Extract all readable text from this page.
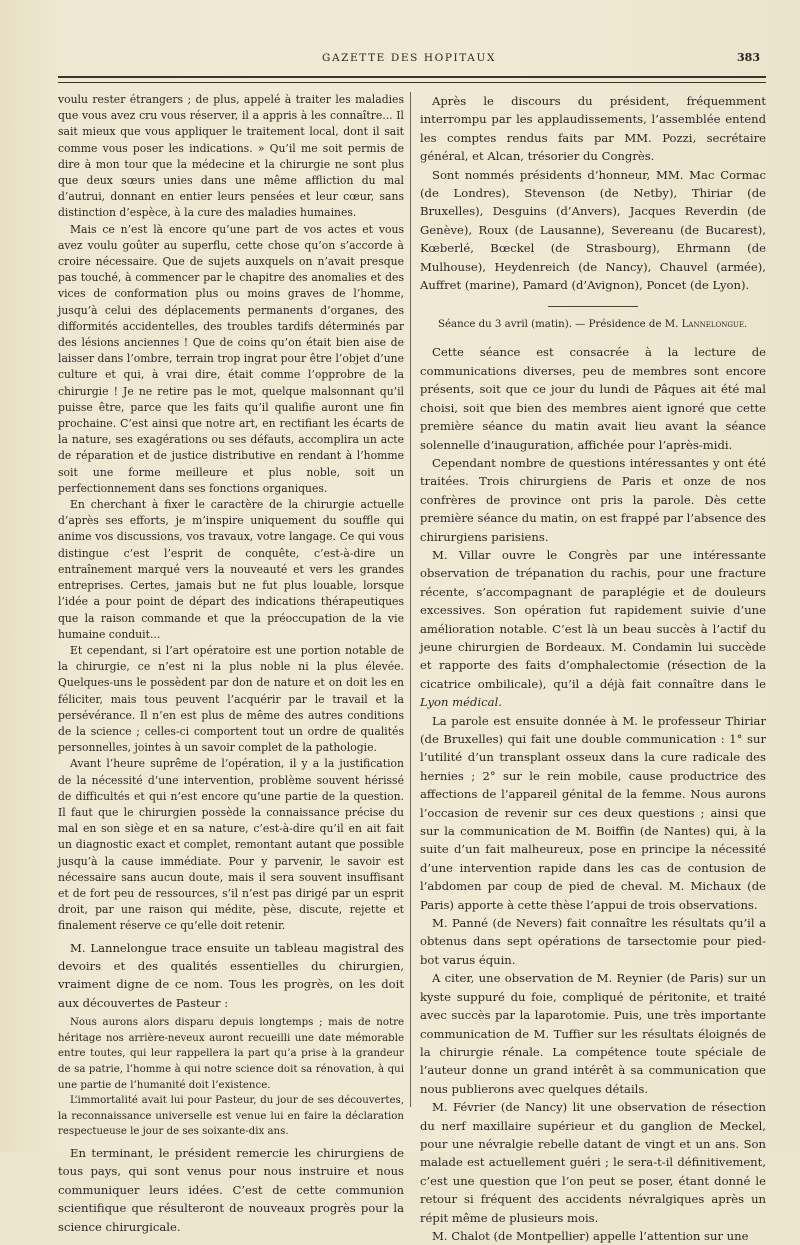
GAZETTE DES HOPITAUX	383

voulu rester étrangers ; de plus, appelé à traiter les maladies que vous avez cru vous réserver, il a appris à les connaître... Il sait mieux que vous appliquer le traitement local, dont il sait comme vous poser les indications. » Qu’il me soit permis de dire à mon tour que la médecine et la chirurgie ne sont plus que deux sœurs unies dans une même affliction du mal d’autrui, donnant en entier leurs pensées et leur cœur, sans distinction d’espèce, à la cure des maladies humaines.

Mais ce n’est là encore qu’une part de vos actes et vous avez voulu goûter au superflu, cette chose qu’on s’accorde à croire nécessaire. Que de sujets auxquels on n’avait presque pas touché, à commencer par le chapitre des anomalies et des vices de conformation plus ou moins graves de l’homme, jusqu’à celui des déplacements permanents d’organes, des difformités accidentelles, des troubles tardifs déterminés par des lésions anciennes ! Que de coins qu’on était bien aise de laisser dans l’ombre, terrain trop ingrat pour être l’objet d’une culture et qui, à vrai dire, était comme l’opprobre de la chirurgie ! Je ne retire pas le mot, quelque malsonnant qu’il puisse être, parce que les faits qu’il qualifie auront une fin prochaine. C’est ainsi que notre art, en rectifiant les écarts de la nature, ses exagérations ou ses défauts, accomplira un acte de réparation et de justice distributive en rendant à l’homme soit une forme meilleure et plus noble, soit un perfectionnement dans ses fonctions organiques.

En cherchant à fixer le caractère de la chirurgie actuelle d’après ses efforts, je m’inspire uniquement du souffle qui anime vos discussions, vos travaux, votre langage. Ce qui vous distingue c’est l’esprit de conquête, c’est-à-dire un entraînement marqué vers la nouveauté et vers les grandes entreprises. Certes, jamais but ne fut plus louable, lorsque l’idée a pour point de départ des indications thérapeutiques que la raison commande et que la préoccupation de la vie humaine conduit...

Et cependant, si l’art opératoire est une portion notable de la chirurgie, ce n’est ni la plus noble ni la plus élevée. Quelques-uns le possèdent par don de nature et on doit les en féliciter, mais tous peuvent l’acquérir par le travail et la persévérance. Il n’en est plus de même des autres conditions de la science ; celles-ci comportent tout un ordre de qualités personnelles, jointes à un savoir complet de la pathologie.

Avant l’heure suprême de l’opération, il y a la justification de la nécessité d’une intervention, problème souvent hérissé de difficultés et qui n’est encore qu’une partie de la question. Il faut que le chirurgien possède la connaissance précise du mal en son siège et en sa nature, c’est-à-dire qu’il en ait fait un diagnostic exact et complet, remontant autant que possible jusqu’à la cause immédiate. Pour y parvenir, le savoir est nécessaire sans aucun doute, mais il sera souvent insuffisant et de fort peu de ressources, s’il n’est pas dirigé par un esprit droit, par une raison qui médite, pèse, discute, rejette et finalement réserve ce qu’elle doit retenir.

M. Lannelongue trace ensuite un tableau magistral des devoirs et des qualités essentielles du chirurgien, vraiment digne de ce nom. Tous les progrès, on les doit aux découvertes de Pasteur :

Nous aurons alors disparu depuis longtemps ; mais de notre héritage nos arrière-neveux auront recueilli une date mémorable entre toutes, qui leur rappellera la part qu’a prise à la grandeur de sa patrie, l’homme à qui notre science doit sa rénovation, à qui une partie de l’humanité doit l’existence.

L’immortalité avait lui pour Pasteur, du jour de ses découvertes, la reconnaissance universelle est venue lui en faire la déclaration respectueuse le jour de ses soixante-dix ans.

En terminant, le président remercie les chirurgiens de tous pays, qui sont venus pour nous instruire et nous communiquer leurs idées. C’est de cette communion scientifique que résulteront de nouveaux progrès pour la science chirurgicale.

Après le discours du président, fréquemment interrompu par les applaudissements, l’assemblée entend les comptes rendus faits par MM. Pozzi, secrétaire général, et Alcan, trésorier du Congrès.

Sont nommés présidents d’honneur, MM. Mac Cormac (de Londres), Stevenson (de Netby), Thiriar (de Bruxelles), Desguins (d’Anvers), Jacques Reverdin (de Genève), Roux (de Lausanne), Severeanu (de Bucarest), Kœberlé, Bœckel (de Strasbourg), Ehrmann (de Mulhouse), Heydenreich (de Nancy), Chauvel (armée), Auffret (marine), Pamard (d’Avignon), Poncet (de Lyon).

Séance du 3 avril (matin). — Présidence de M. Lannelongue.

Cette séance est consacrée à la lecture de communications diverses, peu de membres sont encore présents, soit que ce jour du lundi de Pâques ait été mal choisi, soit que bien des membres aient ignoré que cette première séance du matin avait lieu avant la séance solennelle d’inauguration, affichée pour l’après-midi.

Cependant nombre de questions intéressantes y ont été traitées. Trois chirurgiens de Paris et onze de nos confrères de province ont pris la parole. Dès cette première séance du matin, on est frappé par l’absence des chirurgiens parisiens.

M. Villar ouvre le Congrès par une intéressante observation de trépanation du rachis, pour une fracture récente, s’accompagnant de paraplégie et de douleurs excessives. Son opération fut rapidement suivie d’une amélioration notable. C’est là un beau succès à l’actif du jeune chirurgien de Bordeaux. M. Condamin lui succède et rapporte des faits d’omphalectomie (résection de la cicatrice ombilicale), qu’il a déjà fait connaître dans le Lyon médical.

La parole est ensuite donnée à M. le professeur Thiriar (de Bruxelles) qui fait une double communication : 1° sur l’utilité d’un transplant osseux dans la cure radicale des hernies ; 2° sur le rein mobile, cause productrice des affections de l’appareil génital de la femme. Nous aurons l’occasion de revenir sur ces deux questions ; ainsi que sur la communication de M. Boiffin (de Nantes) qui, à la suite d’un fait malheureux, pose en principe la nécessité d’une intervention rapide dans les cas de contusion de l’abdomen par coup de pied de cheval. M. Michaux (de Paris) apporte à cette thèse l’appui de trois observations.

M. Panné (de Nevers) fait connaître les résultats qu’il a obtenus dans sept opérations de tarsectomie pour pied-bot varus équin.

A citer, une observation de M. Reynier (de Paris) sur un kyste suppuré du foie, compliqué de péritonite, et traité avec succès par la laparotomie. Puis, une très importante communication de M. Tuffier sur les résultats éloignés de la chirurgie rénale. La compétence toute spéciale de l’auteur donne un grand intérêt à sa communication que nous publierons avec quelques détails.

M. Février (de Nancy) lit une observation de résection du nerf maxillaire supérieur et du ganglion de Meckel, pour une névralgie rebelle datant de vingt et un ans. Son malade est actuellement guéri ; le sera-t-il définitivement, c’est une question que l’on peut se poser, étant donné le retour si fréquent des accidents névralgiques après un répit même de plusieurs mois.

M. Chalot (de Montpellier) appelle l’attention sur une
